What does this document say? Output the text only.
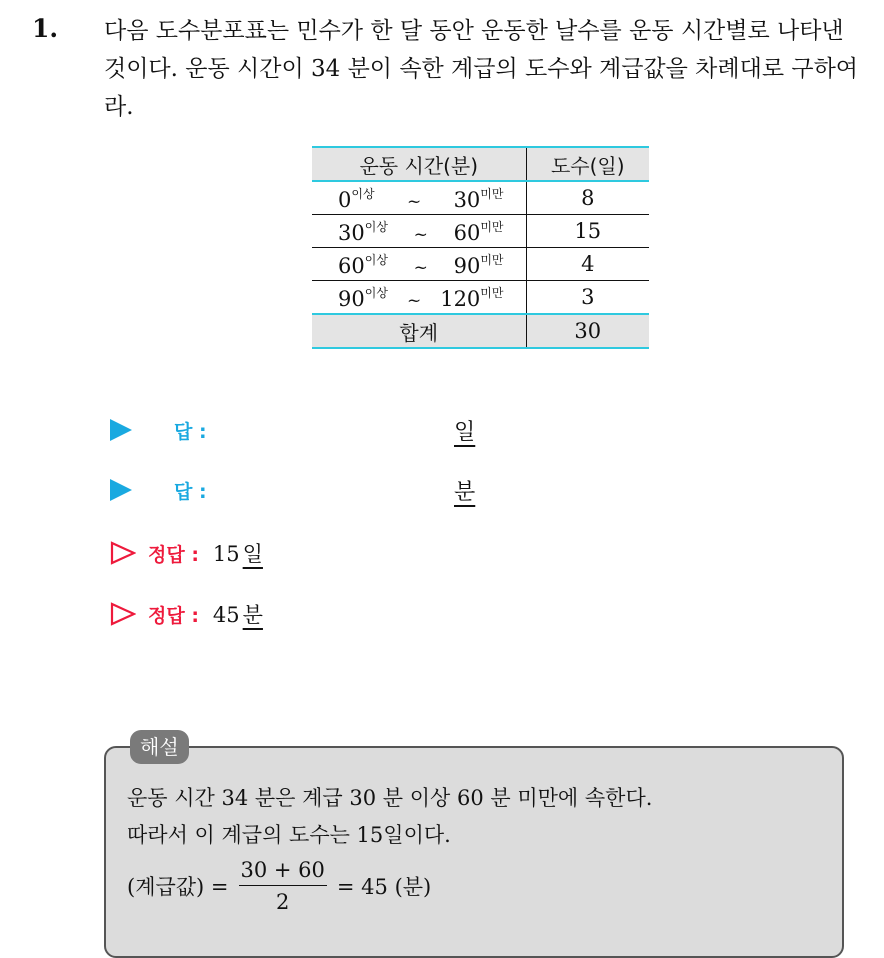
1. 다음 도수분포표는 민수가 한 달 동안 운동한 날수를 운동 시간별로 나타낸 것이다. 운동 시간이 34 분이 속한 계급의 도수와 계급값을 차례대로 구하여라.
운동 시간(분)	도수(일)

$0^{이상}$ ~ $30^{미만}$	8

$30^{이상}$ ~ $60^{미만}$	15

$60^{이상}$ ~ $90^{미만}$	4

$90^{이상}$ ~ $120^{미만}$	3
합계	30
답 :	일
답 :	분
정답 : 15 일
정답 : 45 분
해설
운동 시간 34 분은 계급 30 분 이상 60 분 미만에 속한다.
따라서 이 계급의 도수는 15일이다.
(계급값) = $\frac{30 + 60}{2} = 45$ (분)
